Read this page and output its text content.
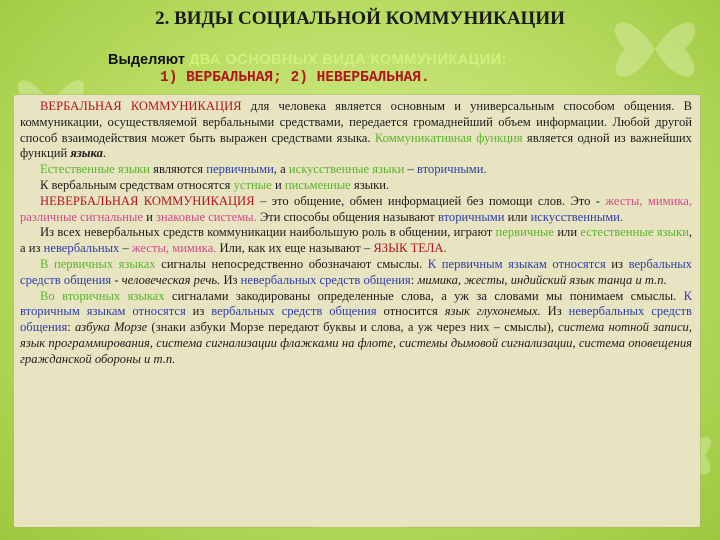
2. ВИДЫ СОЦИАЛЬНОЙ КОММУНИКАЦИИ
Выделяют ДВА ОСНОВНЫХ ВИДА КОММУНИКАЦИИ:
1) ВЕРБАЛЬНАЯ; 2) НЕВЕРБАЛЬНАЯ.

ВЕРБАЛЬНАЯ КОММУНИКАЦИЯ для человека является основным и универсальным способом общения. В коммуникации, осуществляемой вербальными средствами, передается громаднейший объем информации. Любой другой способ взаимодействия может быть выражен средствами языка. Коммуникативная функция является одной из важнейших функций языка.

Естественные языки являются первичными, а искусственные языки – вторичными.

К вербальным средствам относятся устные и письменные языки.

НЕВЕРБАЛЬНАЯ КОММУНИКАЦИЯ – это общение, обмен информацией без помощи слов. Это - жесты, мимика, различные сигнальные и знаковые системы. Эти способы общения называют вторичными или искусственными.

Из всех невербальных средств коммуникации наибольшую роль в общении, играют первичные или естественные языки, а из невербальных – жесты, мимика. Или, как их еще называют – ЯЗЫК ТЕЛА.

В первичных языках сигналы непосредственно обозначают смыслы. К первичным языкам относятся из вербальных средств общения - человеческая речь. Из невербальных средств общения: мимика, жесты, индийский язык танца и т.п.

Во вторичных языках сигналами закодированы определенные слова, а уж за словами мы понимаем смыслы. К вторичным языкам относятся из вербальных средств общения относится язык глухонемых. Из невербальных средств общения: азбука Морзе (знаки азбуки Морзе передают буквы и слова, а уж через них – смыслы), система нотной записи, язык программирования, система сигнализации флажками на флоте, системы дымовой сигнализации, система оповещения гражданской обороны и т.п.
